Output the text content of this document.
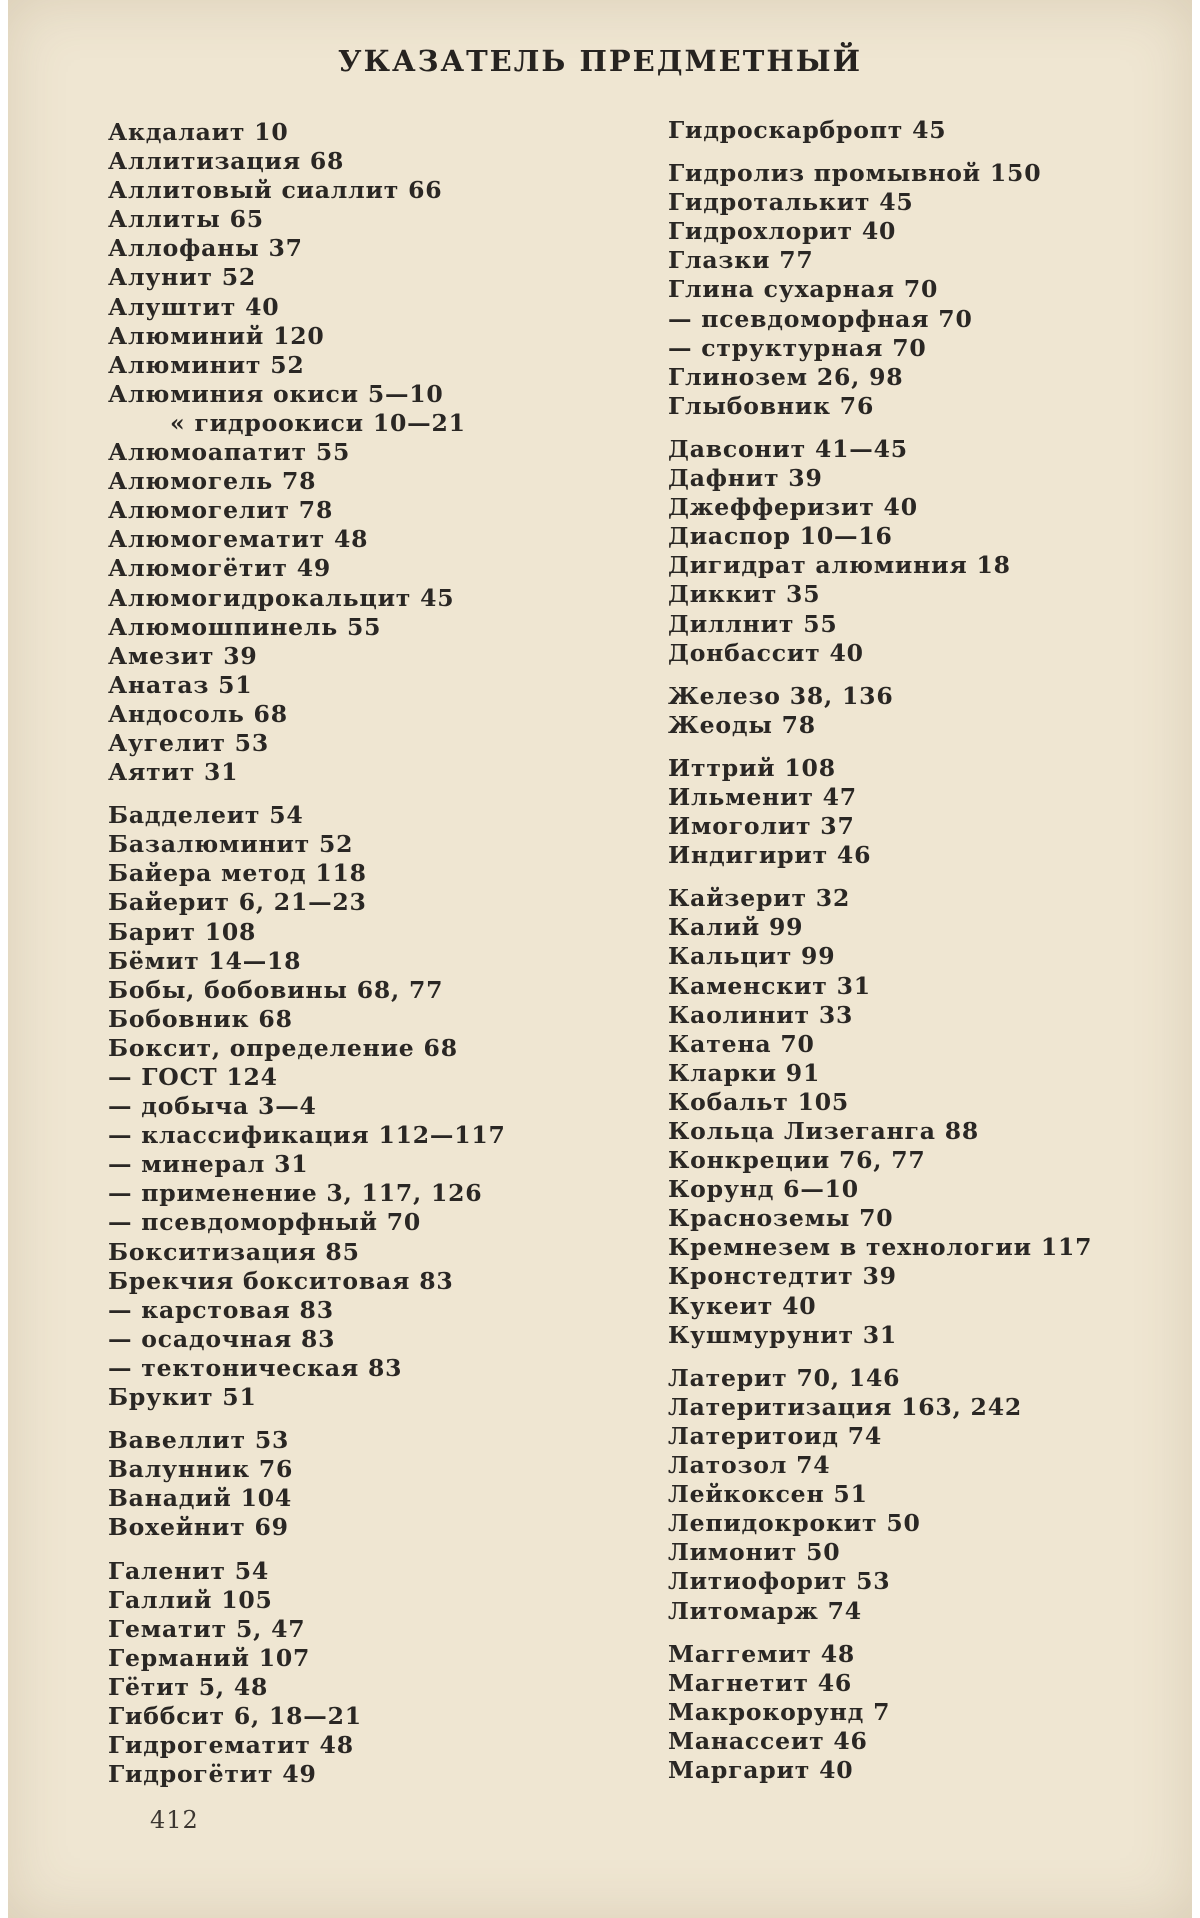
УКАЗАТЕЛЬ ПРЕДМЕТНЫЙ
Акдалаит 10
Аллитизация 68
Аллитовый сиаллит 66
Аллиты 65
Аллофаны 37
Алунит 52
Алуштит 40
Алюминий 120
Алюминит 52
Алюминия окиси 5—10
« гидроокиси 10—21
Алюмоапатит 55
Алюмогель 78
Алюмогелит 78
Алюмогематит 48
Алюмогётит 49
Алюмогидрокальцит 45
Алюмошпинель 55
Амезит 39
Анатаз 51
Андосоль 68
Аугелит 53
Аятит 31
Бадделеит 54
Базалюминит 52
Байера метод 118
Байерит 6, 21—23
Барит 108
Бёмит 14—18
Бобы, бобовины 68, 77
Бобовник 68
Боксит, определение 68
— ГОСТ 124
— добыча 3—4
— классификация 112—117
— минерал 31
— применение 3, 117, 126
— псевдоморфный 70
Бокситизация 85
Брекчия бокситовая 83
— карстовая 83
— осадочная 83
— тектоническая 83
Брукит 51
Вавеллит 53
Валунник 76
Ванадий 104
Вохейнит 69
Галенит 54
Галлий 105
Гематит 5, 47
Германий 107
Гётит 5, 48
Гиббсит 6, 18—21
Гидрогематит 48
Гидрогётит 49
Гидроскарбропт 45
Гидролиз промывной 150
Гидроталькит 45
Гидрохлорит 40
Глазки 77
Глина сухарная 70
— псевдоморфная 70
— структурная 70
Глинозем 26, 98
Глыбовник 76
Давсонит 41—45
Дафнит 39
Джефферизит 40
Диаспор 10—16
Дигидрат алюминия 18
Диккит 35
Диллнит 55
Донбассит 40
Железо 38, 136
Жеоды 78
Иттрий 108
Ильменит 47
Имоголит 37
Индигирит 46
Кайзерит 32
Калий 99
Кальцит 99
Каменскит 31
Каолинит 33
Катена 70
Кларки 91
Кобальт 105
Кольца Лизеганга 88
Конкреции 76, 77
Корунд 6—10
Красноземы 70
Кремнезем в технологии 117
Кронстедтит 39
Кукеит 40
Кушмурунит 31
Латерит 70, 146
Латеритизация 163, 242
Латеритоид 74
Латозол 74
Лейкоксен 51
Лепидокрокит 50
Лимонит 50
Литиофорит 53
Литомарж 74
Маггемит 48
Магнетит 46
Макрокорунд 7
Манассеит 46
Маргарит 40
412
